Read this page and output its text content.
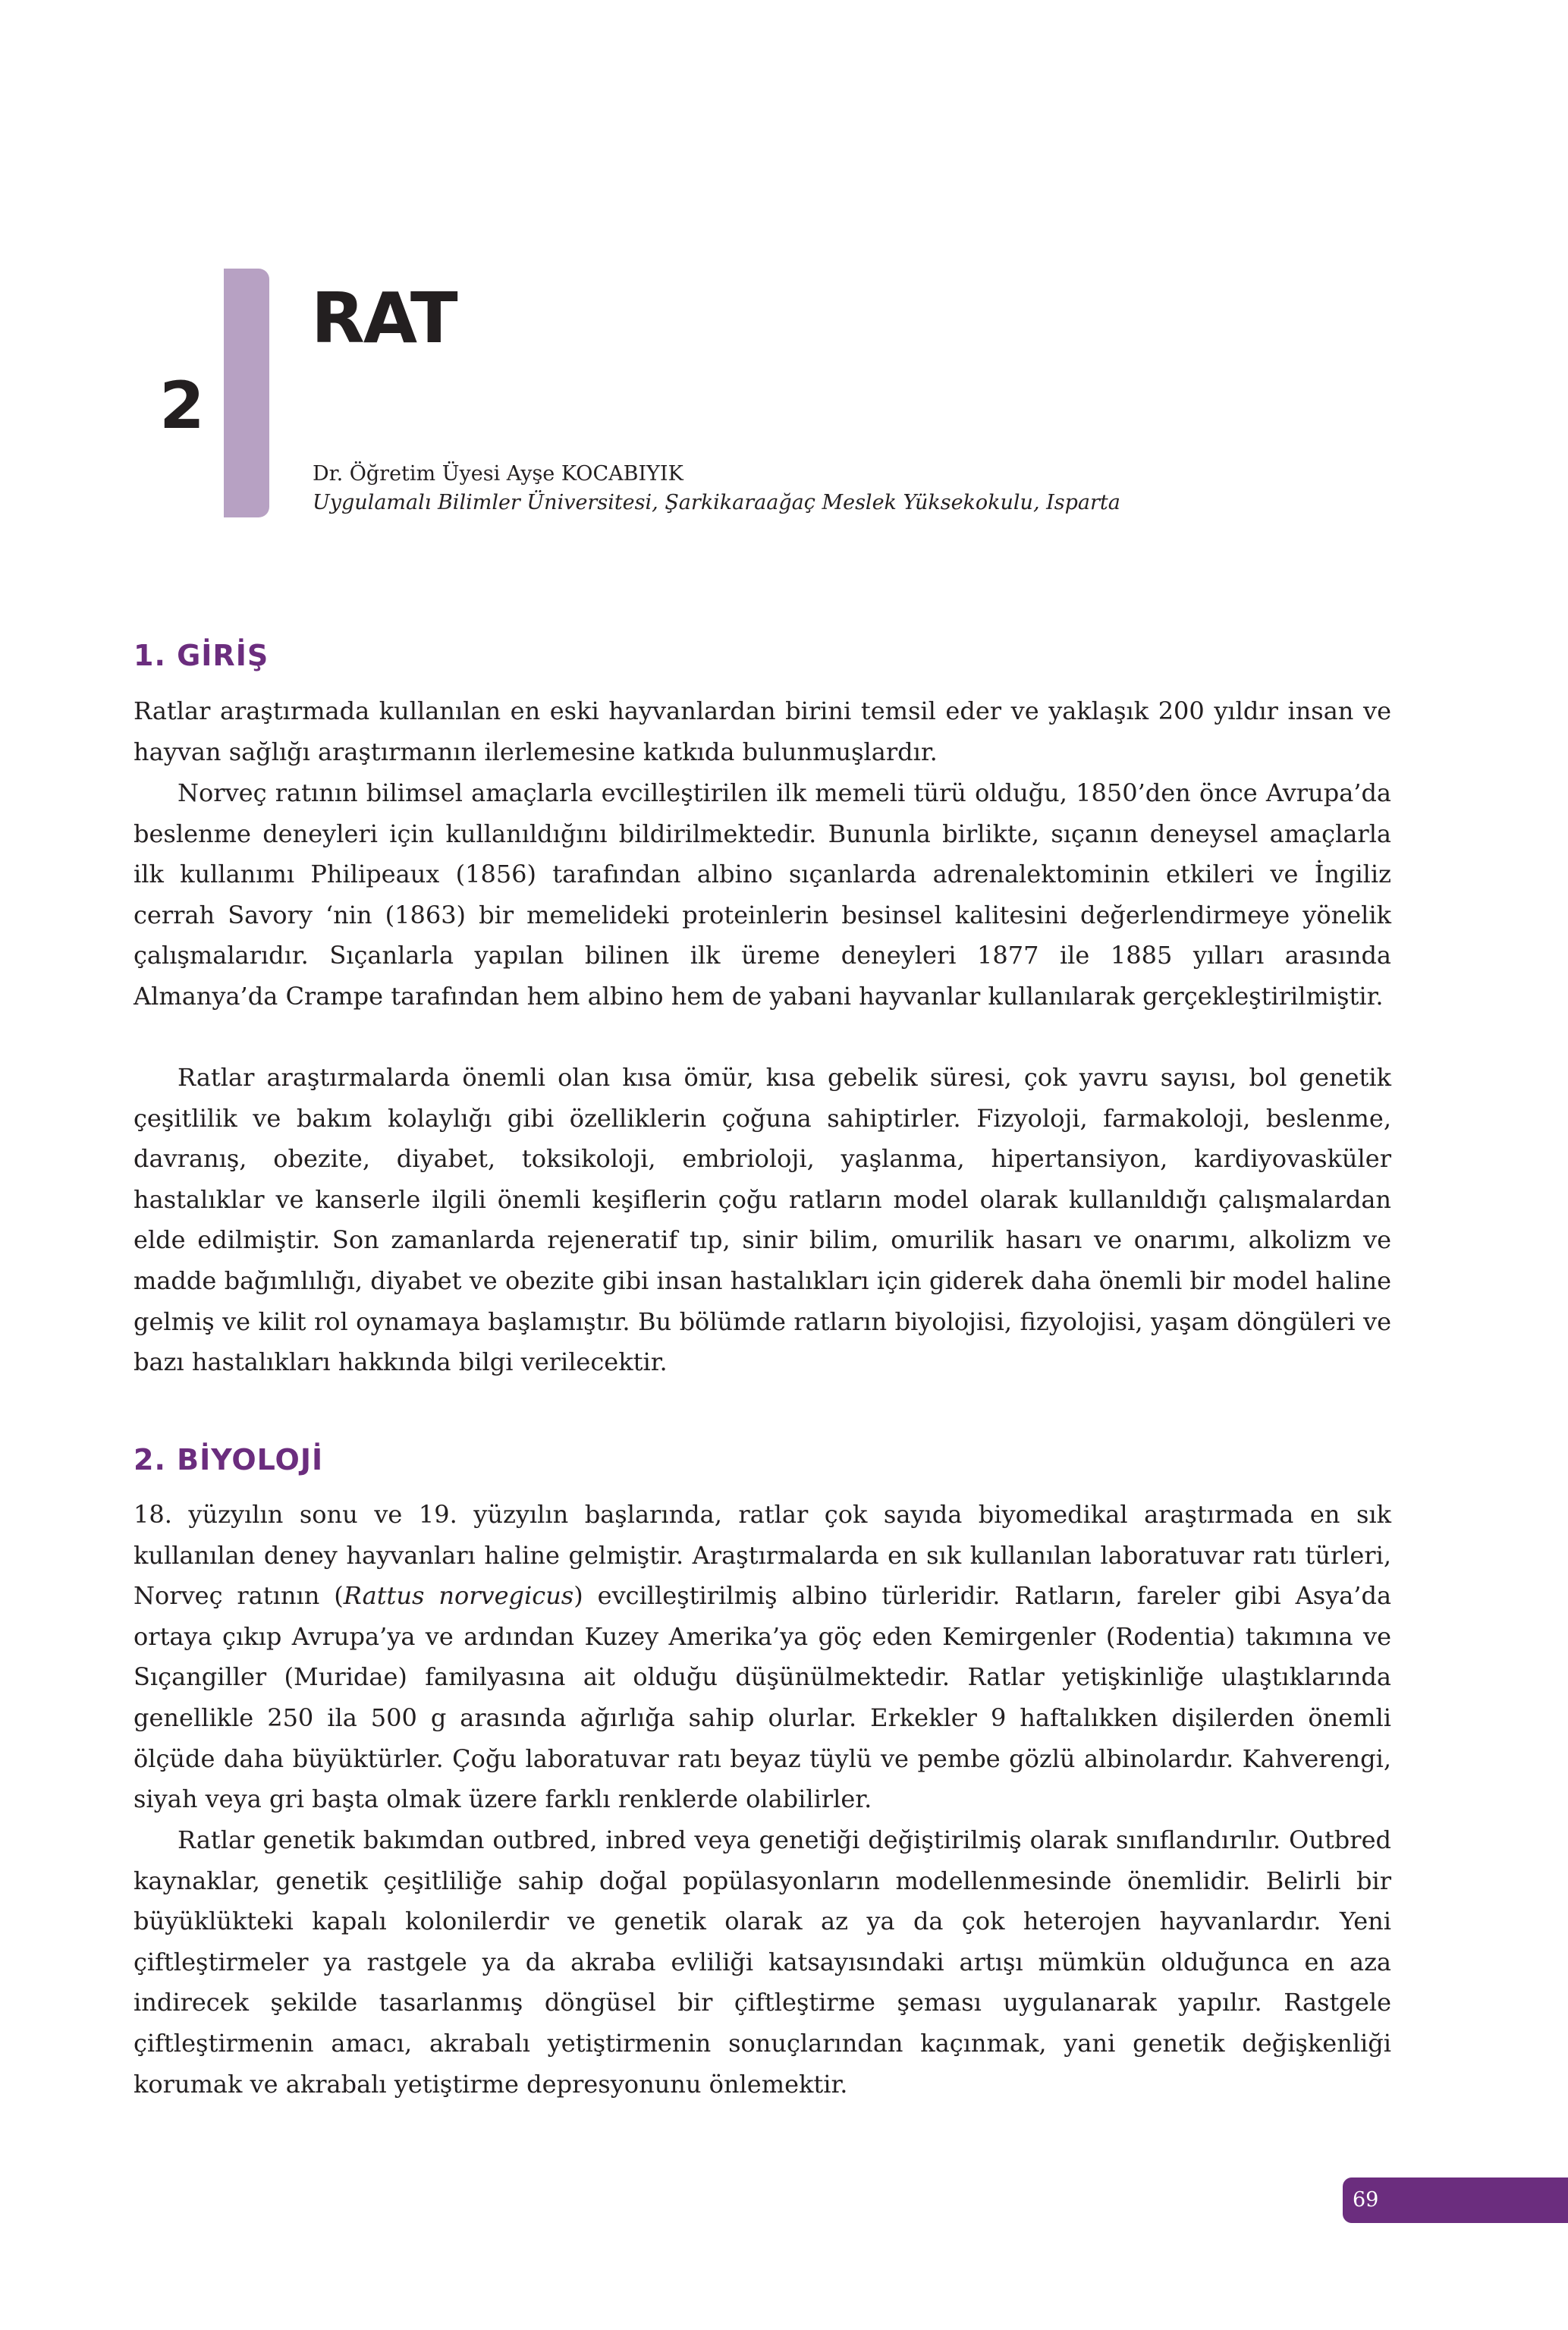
2
RAT
Dr. Öğretim Üyesi Ayşe KOCABIYIK
Uygulamalı Bilimler Üniversitesi, Şarkikaraağaç Meslek Yüksekokulu, Isparta
1. GİRİŞ

Ratlar araştırmada kullanılan en eski hayvanlardan birini temsil eder ve yaklaşık 200 yıldır insan ve hayvan sağlığı araştırmanın ilerlemesine katkıda bulunmuşlardır.

Norveç ratının bilimsel amaçlarla evcilleştirilen ilk memeli türü olduğu, 1850’den önce Avrupa’da beslenme deneyleri için kullanıldığını bildirilmektedir. Bununla birlikte, sıçanın deneysel amaçlarla ilk kullanımı Philipeaux (1856) tarafından albino sıçanlarda adrenalektominin etkileri ve İngiliz cerrah Savory ‘nin (1863) bir memelideki proteinlerin besinsel kalitesini değerlendirmeye yönelik çalışmalarıdır. Sıçanlarla yapılan bilinen ilk üreme deneyleri 1877 ile 1885 yılları arasında Almanya’da Crampe tarafından hem albino hem de yabani hayvanlar kullanılarak gerçekleştirilmiştir.

Ratlar araştırmalarda önemli olan kısa ömür, kısa gebelik süresi, çok yavru sayısı, bol genetik çeşitlilik ve bakım kolaylığı gibi özelliklerin çoğuna sahiptirler. Fizyoloji, farmakoloji, beslenme, davranış, obezite, diyabet, toksikoloji, embrioloji, yaşlanma, hipertansiyon, kardiyovasküler hastalıklar ve kanserle ilgili önemli keşiflerin çoğu ratların model olarak kullanıldığı çalışmalardan elde edilmiştir. Son zamanlarda rejeneratif tıp, sinir bilim, omurilik hasarı ve onarımı, alkolizm ve madde bağımlılığı, diyabet ve obezite gibi insan hastalıkları için giderek daha önemli bir model haline gelmiş ve kilit rol oynamaya başlamıştır. Bu bölümde ratların biyolojisi, fizyolojisi, yaşam döngüleri ve bazı hastalıkları hakkında bilgi verilecektir.

2. BİYOLOJİ

18. yüzyılın sonu ve 19. yüzyılın başlarında, ratlar çok sayıda biyomedikal araştırmada en sık kullanılan deney hayvanları haline gelmiştir. Araştırmalarda en sık kullanılan laboratuvar ratı türleri, Norveç ratının (Rattus norvegicus) evcilleştirilmiş albino türleridir. Ratların, fareler gibi Asya’da ortaya çıkıp Avrupa’ya ve ardından Kuzey Amerika’ya göç eden Kemirgenler (Rodentia) takımına ve Sıçangiller (Muridae) familyasına ait olduğu düşünülmektedir. Ratlar yetişkinliğe ulaştıklarında genellikle 250 ila 500 g arasında ağırlığa sahip olurlar. Erkekler 9 haftalıkken dişilerden önemli ölçüde daha büyüktürler. Çoğu laboratuvar ratı beyaz tüylü ve pembe gözlü albinolardır. Kahverengi, siyah veya gri başta olmak üzere farklı renklerde olabilirler.

Ratlar genetik bakımdan outbred, inbred veya genetiği değiştirilmiş olarak sınıflandırılır. Outbred kaynaklar, genetik çeşitliliğe sahip doğal popülasyonların modellenmesinde önemlidir. Belirli bir büyüklükteki kapalı kolonilerdir ve genetik olarak az ya da çok heterojen hayvanlardır. Yeni çiftleştirmeler ya rastgele ya da akraba evliliği katsayısındaki artışı mümkün olduğunca en aza indirecek şekilde tasarlanmış döngüsel bir çiftleştirme şeması uygulanarak yapılır. Rastgele çiftleştirmenin amacı, akrabalı yetiştirmenin sonuçlarından kaçınmak, yani genetik değişkenliği korumak ve akrabalı yetiştirme depresyonunu önlemektir.

69
